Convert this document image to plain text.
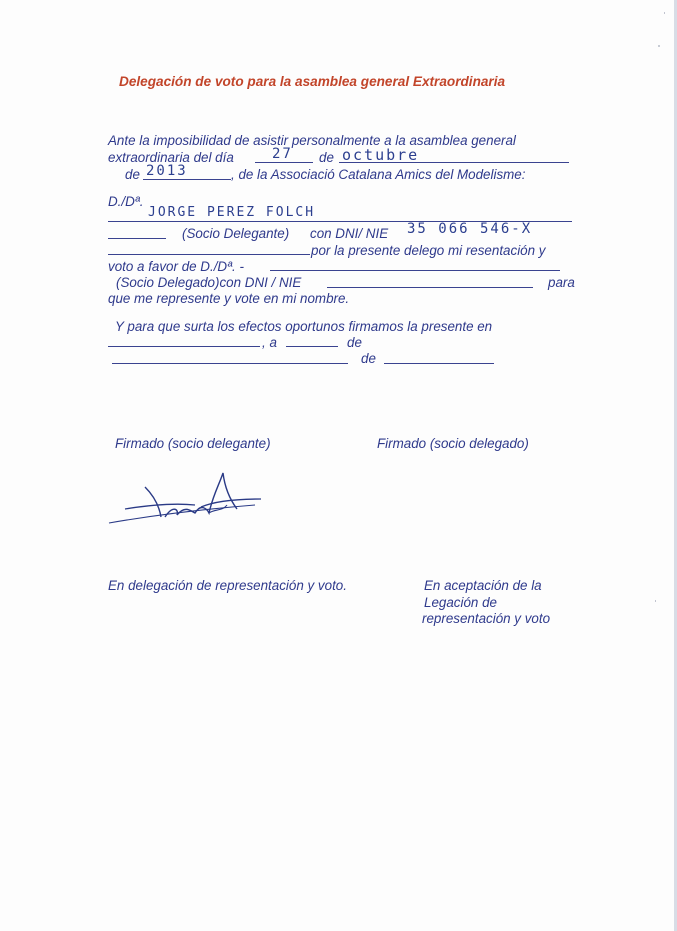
Delegación de voto para la asamblea general Extraordinaria
Ante la imposibilidad de asistir personalmente a la asamblea general
extraordinaria del día	27 de octubre
de 2013	, de la Associació Catalana Amics del Modelisme:
D./Dª.
JORGE PEREZ FOLCH
(Socio Delegante) con DNI/ NIE 35 066 546-X
por la presente delego mi resentación y
voto a favor de D./Dª. -
(Socio Delegado)con DNI / NIE	para
que me represente y vote en mi nombre.
Y para que surta los efectos oportunos firmamos la presente en
, a	de
de
Firmado (socio delegante)	Firmado (socio delegado)
En delegación de representación y voto.	En aceptación de la
Legación de
representación y voto
